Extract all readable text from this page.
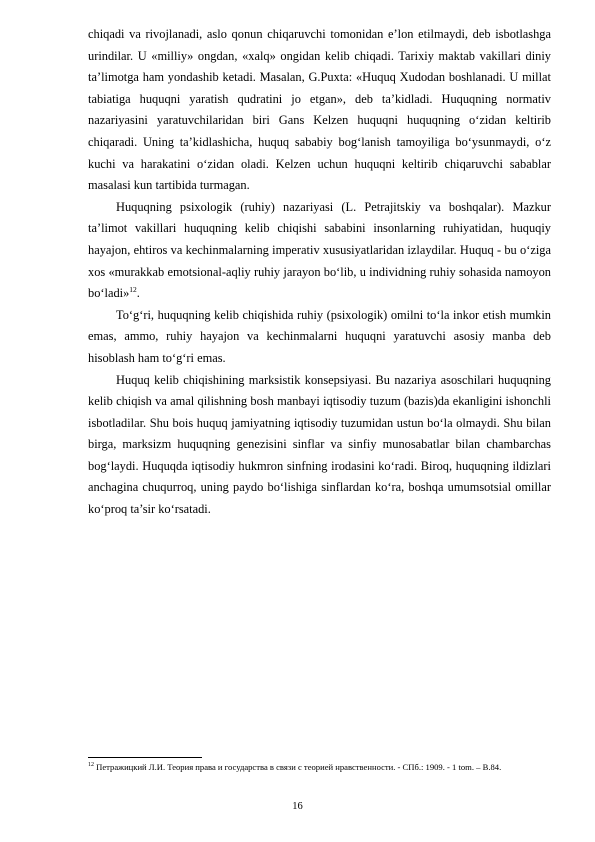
chiqadi va rivojlanadi, aslo qonun chiqaruvchi tomonidan e’lon etilmaydi, deb isbotlashga urindilar. U «milliy» ongdan, «xalq» ongidan kelib chiqadi. Tarixiy maktab vakillari diniy ta’limotga ham yondashib ketadi. Masalan, G.Puxta: «Huquq Xudodan boshlanadi. U millat tabiatiga huquqni yaratish qudratini jo etgan», deb ta’kidladi. Huquqning normativ nazariyasini yaratuvchilaridan biri Gans Kelzen huquqni huquqning o‘zidan keltirib chiqaradi. Uning ta’kidlashicha, huquq sababiy bog‘lanish tamoyiliga bo‘ysunmaydi, o‘z kuchi va harakatini o‘zidan oladi. Kelzen uchun huquqni keltirib chiqaruvchi sabablar masalasi kun tartibida turmagan.

Huquqning psixologik (ruhiy) nazariyasi (L. Petrajitskiy va boshqalar). Mazkur ta’limot vakillari huquqning kelib chiqishi sababini insonlarning ruhiyatidan, huquqiy hayajon, ehtiros va kechinmalarning imperativ xususiyatlaridan izlaydilar. Huquq - bu o‘ziga xos «murakkab emotsional-aqliy ruhiy jarayon bo‘lib, u individning ruhiy sohasida namoyon bo‘ladi»$^{12}$.

To‘g‘ri, huquqning kelib chiqishida ruhiy (psixologik) omilni to‘la inkor etish mumkin emas, ammo, ruhiy hayajon va kechinmalarni huquqni yaratuvchi asosiy manba deb hisoblash ham to‘g‘ri emas.

Huquq kelib chiqishining marksistik konsepsiyasi. Bu nazariya asoschilari huquqning kelib chiqish va amal qilishning bosh manbayi iqtisodiy tuzum (bazis)da ekanligini ishonchli isbotladilar. Shu bois huquq jamiyatning iqtisodiy tuzumidan ustun bo‘la olmaydi. Shu bilan birga, marksizm huquqning genezisini sinflar va sinfiy munosabatlar bilan chambarchas bog‘laydi. Huquqda iqtisodiy hukmron sinfning irodasini ko‘radi. Biroq, huquqning ildizlari anchagina chuqurroq, uning paydo bo‘lishiga sinflardan ko‘ra, boshqa umumsotsial omillar ko‘proq ta’sir ko‘rsatadi.

$^{12}$ Петражицкий Л.И. Теория права и государства в связи с теорией нравственности. - СПб.: 1909. - 1 tom. – B.84.
16
